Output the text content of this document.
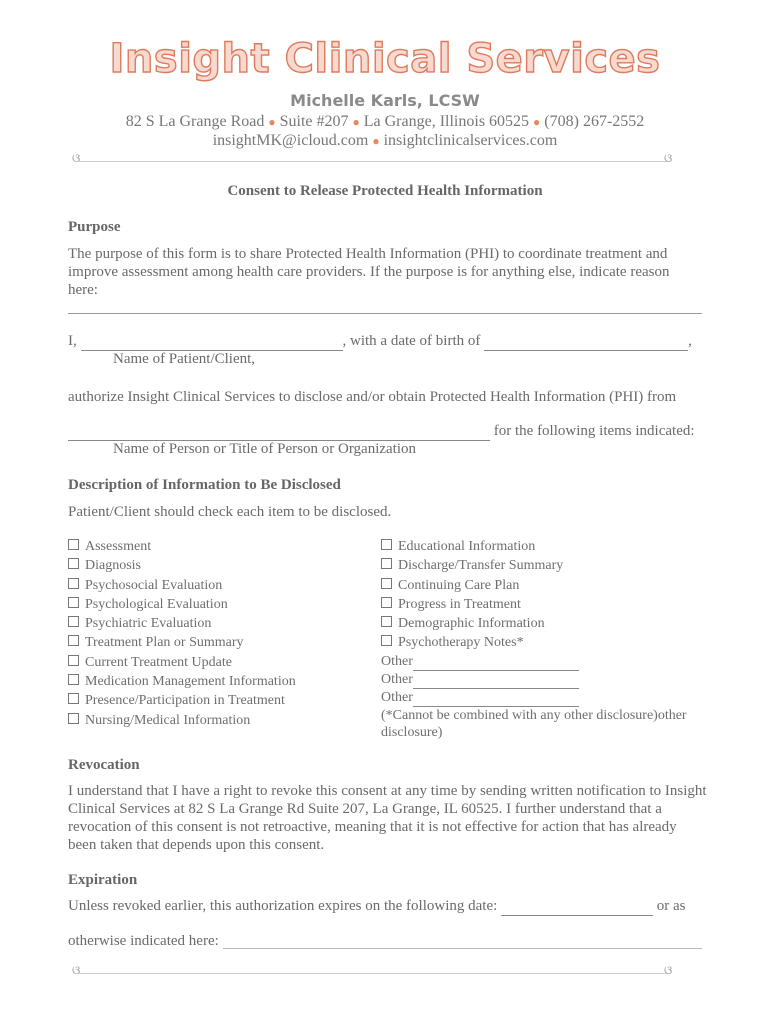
Insight Clinical Services
Michelle Karls, LCSW
82 S La Grange Road ● Suite #207 ● La Grange, Illinois 60525 ● (708) 267-2552
insightMK@icloud.com ● insightclinicalservices.com
ଓ	ଓ
Consent to Release Protected Health Information
Purpose
The purpose of this form is to share Protected Health Information (PHI) to coordinate treatment and improve assessment among health care providers. If the purpose is for anything else, indicate reason here:
I,	, with a date of birth of	,
Name of Patient/Client,
authorize Insight Clinical Services to disclose and/or obtain Protected Health Information (PHI) from
for the following items indicated:
Name of Person or Title of Person or Organization
Description of Information to Be Disclosed
Patient/Client should check each item to be disclosed.
Assessment
Diagnosis
Psychosocial Evaluation
Psychological Evaluation
Psychiatric Evaluation
Treatment Plan or Summary
Current Treatment Update
Medication Management Information
Presence/Participation in Treatment
Nursing/Medical Information
Educational Information
Discharge/Transfer Summary
Continuing Care Plan
Progress in Treatment
Demographic Information
Psychotherapy Notes*
Other
Other
Other
(*Cannot be combined with any other disclosure)other disclosure)
Revocation
I understand that I have a right to revoke this consent at any time by sending written notification to Insight Clinical Services at 82 S La Grange Rd Suite 207, La Grange, IL 60525. I further understand that a revocation of this consent is not retroactive, meaning that it is not effective for action that has already been taken that depends upon this consent.
Expiration
Unless revoked earlier, this authorization expires on the following date:	or as
otherwise indicated here:
ଓ	ଓ
